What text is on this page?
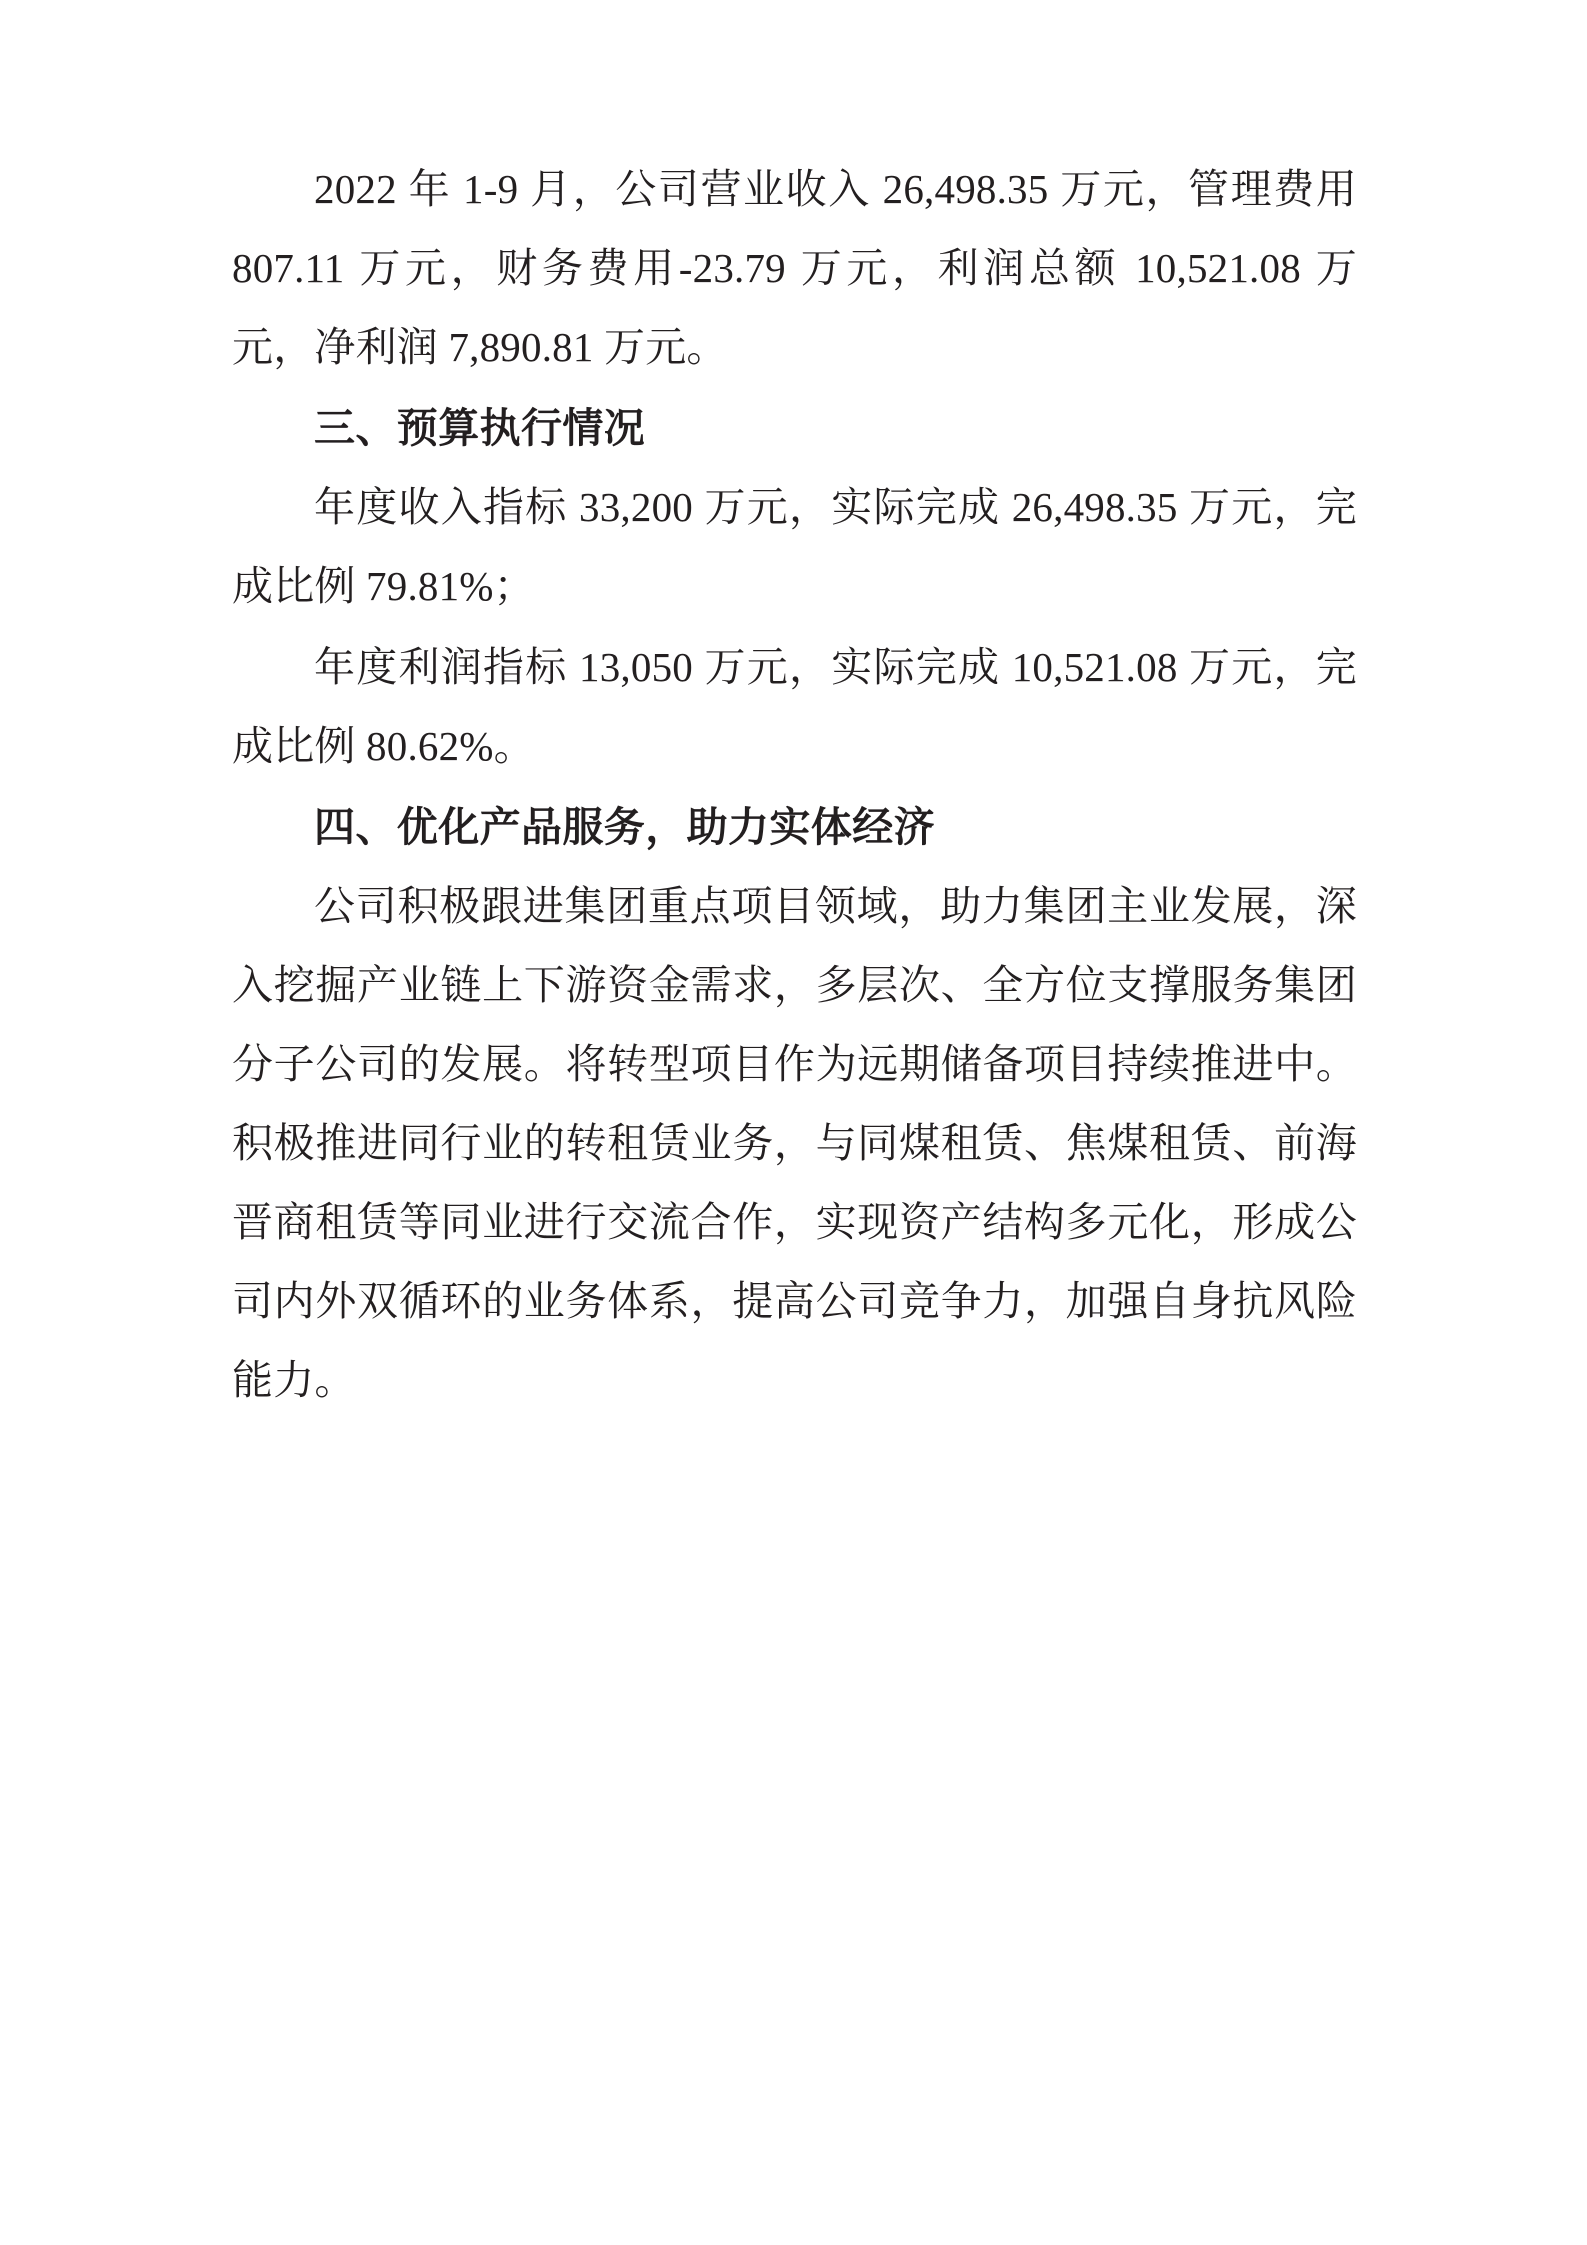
2022 年 1-9 月，公司营业收入 26,498.35 万元，管理费用 807.11 万元，财务费用-23.79 万元，利润总额 10,521.08 万元，净利润 7,890.81 万元。

三、预算执行情况

年度收入指标 33,200 万元，实际完成 26,498.35 万元，完成比例 79.81%；

年度利润指标 13,050 万元，实际完成 10,521.08 万元，完成比例 80.62%。

四、优化产品服务，助力实体经济

公司积极跟进集团重点项目领域，助力集团主业发展，深入挖掘产业链上下游资金需求，多层次、全方位支撑服务集团分子公司的发展。将转型项目作为远期储备项目持续推进中。积极推进同行业的转租赁业务，与同煤租赁、焦煤租赁、前海晋商租赁等同业进行交流合作，实现资产结构多元化，形成公司内外双循环的业务体系，提高公司竞争力，加强自身抗风险能力。
